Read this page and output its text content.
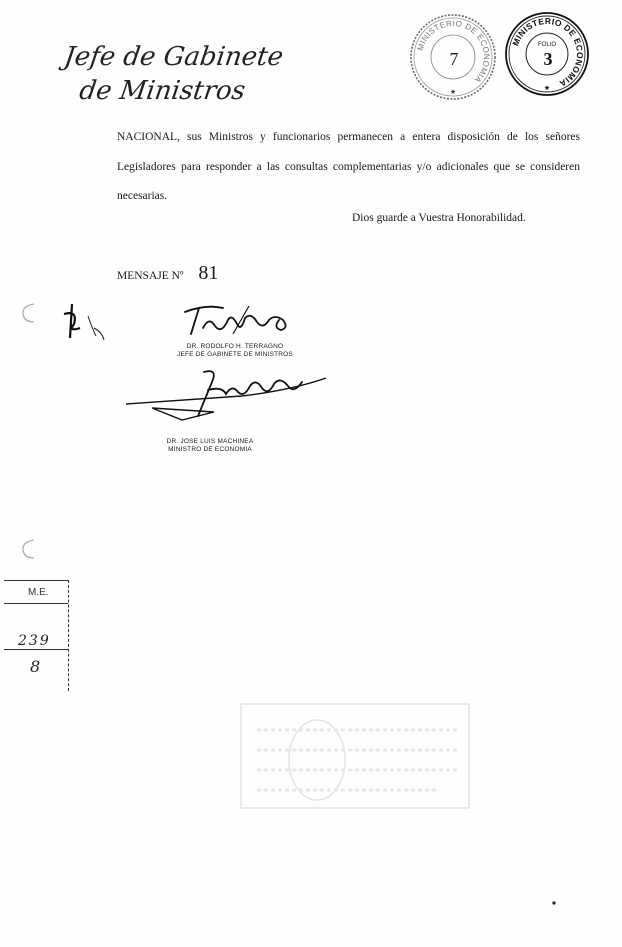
Jefe de Gabinete
de Ministros
MINISTERIO DE ECONOMIA
7
★
MINISTERIO DE ECONOMIA
FOLIO
3
★
NACIONAL, sus Ministros y funcionarios permanecen a entera disposición de los señores Legisladores para responder a las consultas complementarias y/o adicionales que se consideren necesarias.
Dios guarde a Vuestra Honorabilidad.
MENSAJE Nº 81
DR. RODOLFO H. TERRAGNO
JEFE DE GABINETE DE MINISTROS
DR. JOSE LUIS MACHINEA
MINISTRO DE ECONOMIA
M.E.
239
8
